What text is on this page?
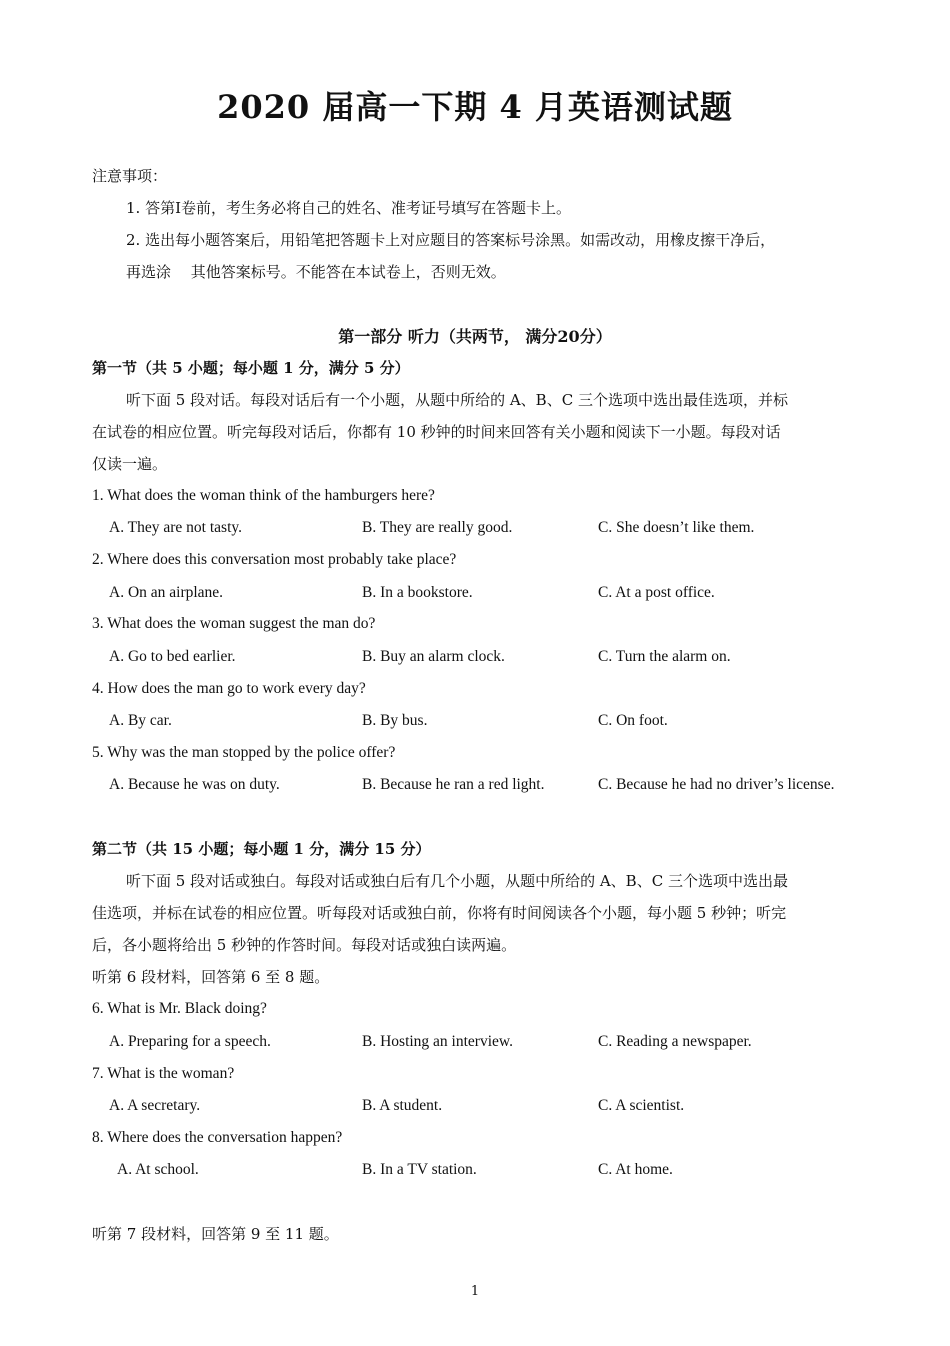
2020 届高一下期 4 月英语测试题
注意事项：
1. 答第Ⅰ卷前，考生务必将自己的姓名、准考证号填写在答题卡上。
2. 选出每小题答案后，用铅笔把答题卡上对应题目的答案标号涂黑。如需改动，用橡皮擦干净后，
再选涂　 其他答案标号。不能答在本试卷上，否则无效。
第一部分 听力（共两节， 满分20分）
第一节（共 5 小题；每小题 1 分，满分 5 分）
听下面 5 段对话。每段对话后有一个小题，从题中所给的 A、B、C 三个选项中选出最佳选项，并标
在试卷的相应位置。听完每段对话后，你都有 10 秒钟的时间来回答有关小题和阅读下一小题。每段对话
仅读一遍。
1. What does the woman think of the hamburgers here?
A. They are not tasty.	B. They are really good.	C. She doesn’t like them.
2. Where does this conversation most probably take place?
A. On an airplane.	B. In a bookstore.	C. At a post office.
3. What does the woman suggest the man do?
A. Go to bed earlier.	B. Buy an alarm clock.	C. Turn the alarm on.
4. How does the man go to work every day?
A. By car.	B. By bus.	C. On foot.
5. Why was the man stopped by the police offer?
A. Because he was on duty.	B. Because he ran a red light.	C. Because he had no driver’s license.
第二节（共 15 小题；每小题 1 分，满分 15 分）
听下面 5 段对话或独白。每段对话或独白后有几个小题，从题中所给的 A、B、C 三个选项中选出最
佳选项，并标在试卷的相应位置。听每段对话或独白前，你将有时间阅读各个小题，每小题 5 秒钟；听完
后，各小题将给出 5 秒钟的作答时间。每段对话或独白读两遍。
听第 6 段材料，回答第 6 至 8 题。
6. What is Mr. Black doing?
A. Preparing for a speech.	B. Hosting an interview.	C. Reading a newspaper.
7. What is the woman?
A. A secretary.	B. A student.	C. A scientist.
8. Where does the conversation happen?
A. At school.	B. In a TV station.	C. At home.
听第 7 段材料，回答第 9 至 11 题。
1
